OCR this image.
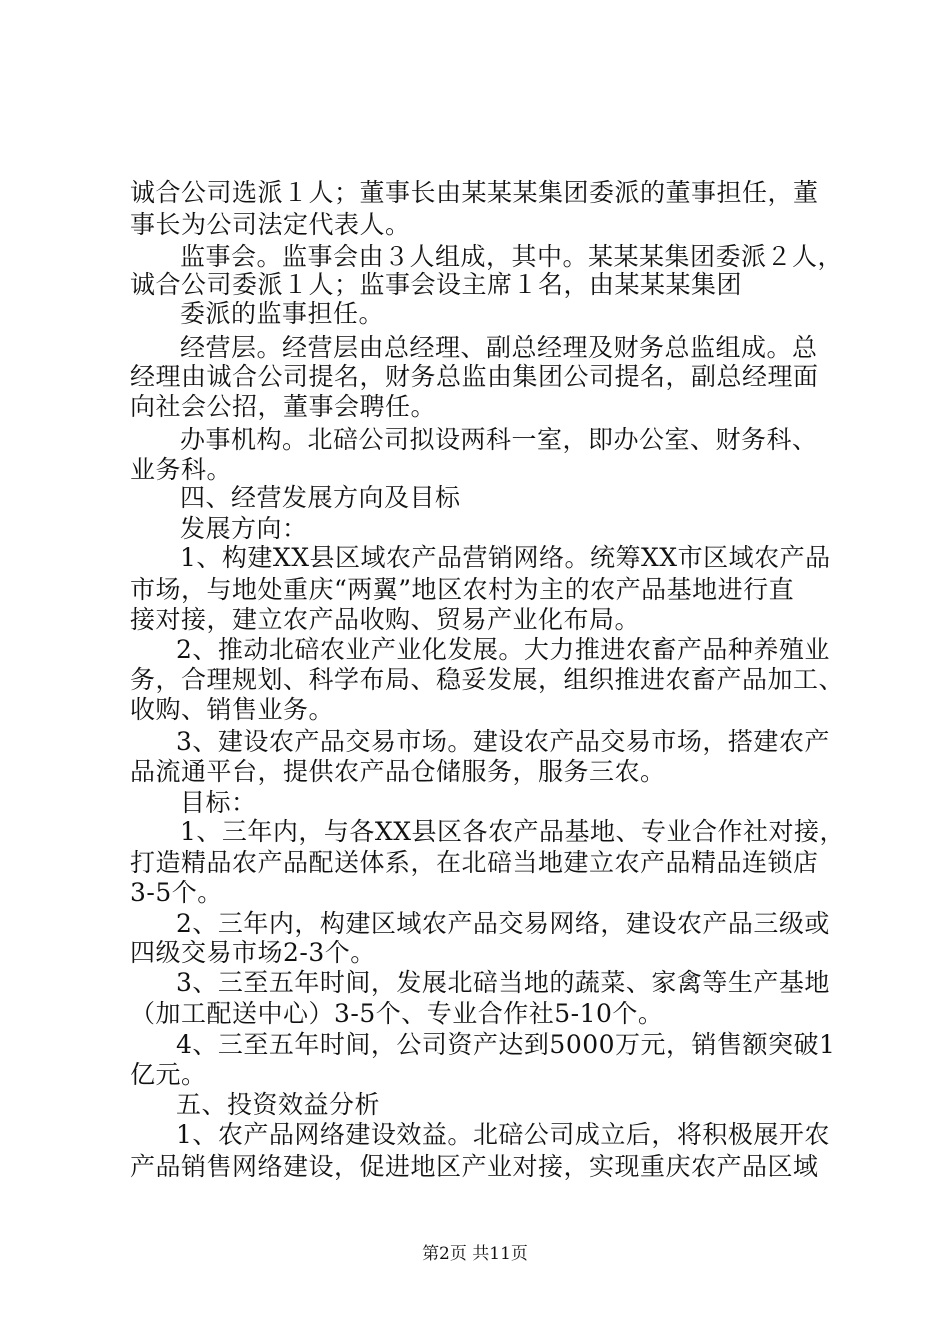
诚合公司选派１人；董事长由某某某集团委派的董事担任，董
事长为公司法定代表人。
监事会。监事会由３人组成，其中。某某某集团委派２人，
诚合公司委派１人；监事会设主席１名，由某某某集团
委派的监事担任。
经营层。经营层由总经理、副总经理及财务总监组成。总
经理由诚合公司提名，财务总监由集团公司提名，副总经理面
向社会公招，董事会聘任。
办事机构。北碚公司拟设两科一室，即办公室、财务科、
业务科。
四、经营发展方向及目标
发展方向：
1、构建XX县区域农产品营销网络。统筹XX市区域农产品
市场，与地处重庆“两翼”地区农村为主的农产品基地进行直
接对接，建立农产品收购、贸易产业化布局。
2、推动北碚农业产业化发展。大力推进农畜产品种养殖业
务，合理规划、科学布局、稳妥发展，组织推进农畜产品加工、
收购、销售业务。
3、建设农产品交易市场。建设农产品交易市场，搭建农产
品流通平台，提供农产品仓储服务，服务三农。
目标：
1、三年内，与各XX县区各农产品基地、专业合作社对接，
打造精品农产品配送体系，在北碚当地建立农产品精品连锁店
3-5个。
2、三年内，构建区域农产品交易网络，建设农产品三级或
四级交易市场2-3个。
3、三至五年时间，发展北碚当地的蔬菜、家禽等生产基地
（加工配送中心）3-5个、专业合作社5-10个。
4、三至五年时间，公司资产达到5000万元，销售额突破1
亿元。
五、投资效益分析
1、农产品网络建设效益。北碚公司成立后，将积极展开农
产品销售网络建设，促进地区产业对接，实现重庆农产品区域
第2页 共11页
